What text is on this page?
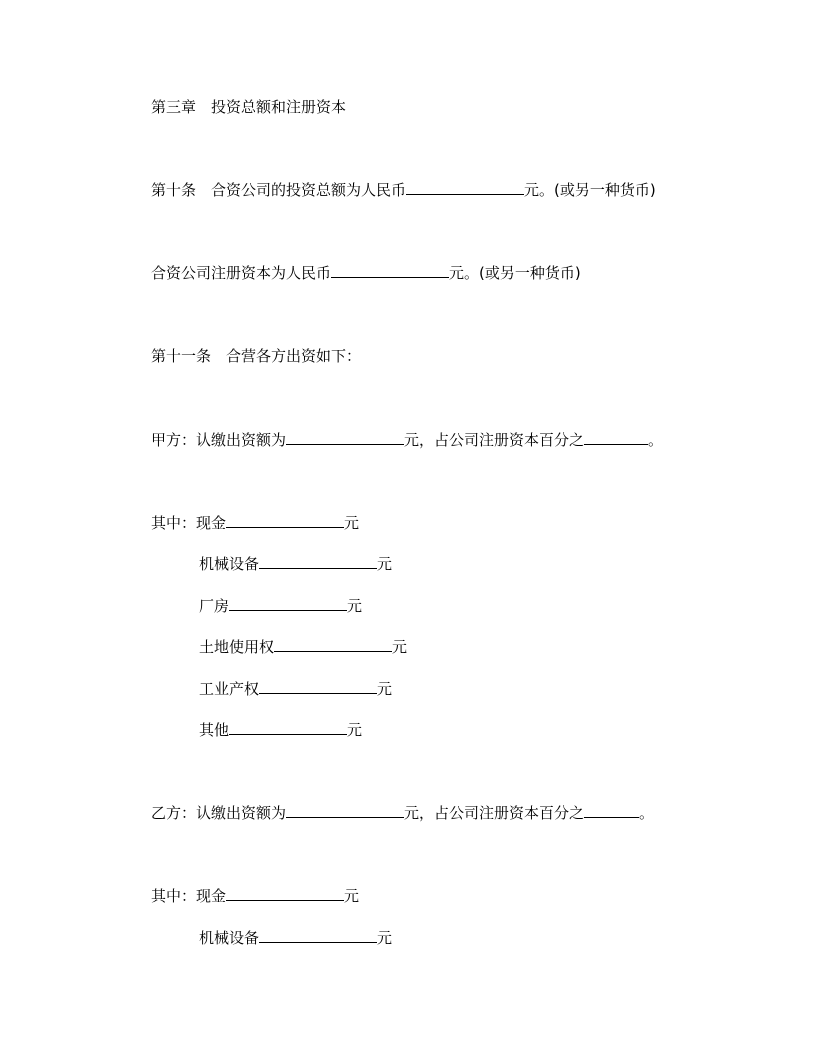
第三章 投资总额和注册资本
第十条 合资公司的投资总额为人民币	元。(或另一种货币)
合资公司注册资本为人民币	元。(或另一种货币)
第十一条 合营各方出资如下：
甲方：认缴出资额为	元，占公司注册资本百分之	。
其中：现金	元
机械设备	元
厂房	元
土地使用权	元
工业产权	元
其他	元
乙方：认缴出资额为	元，占公司注册资本百分之	。
其中：现金	元
机械设备	元
